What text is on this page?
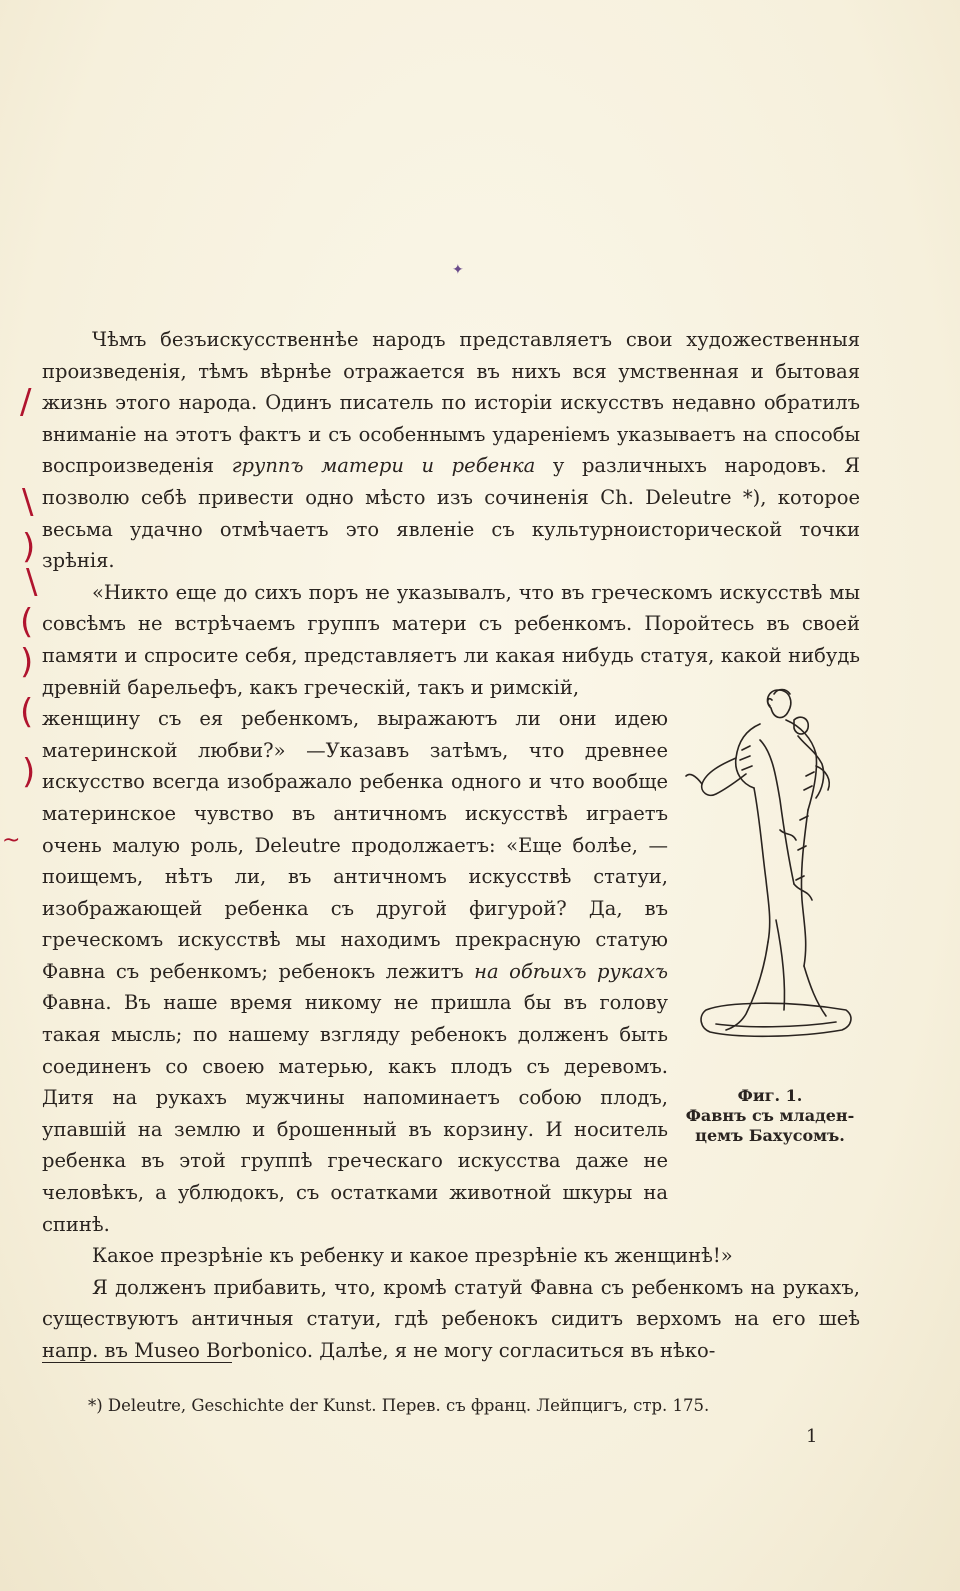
✦
/
\
)
\
(
)
(
)
~

Чѣмъ безъискусственнѣе народъ представляетъ свои художественныя произведенія, тѣмъ вѣрнѣе отражается въ нихъ вся умственная и бытовая жизнь этого народа. Одинъ писатель по исторіи искусствъ недавно обратилъ вниманіе на этотъ фактъ и съ особеннымъ удареніемъ указываетъ на способы воспроизведенія группъ матери и ребенка у различныхъ народовъ. Я позволю себѣ привести одно мѣсто изъ сочиненія Ch. Deleutre *), которое весьма удачно отмѣчаетъ это явленіе съ культурноисторической точки зрѣнія.

«Никто еще до сихъ поръ не указывалъ, что въ греческомъ искусствѣ мы совсѣмъ не встрѣчаемъ группъ матери съ ребенкомъ. Поройтесь въ своей памяти и спросите себя, представляетъ ли какая нибудь статуя, какой нибудь древній барельефъ, какъ греческій, такъ и римскій,

женщину съ ея ребенкомъ, выражаютъ ли они идею материнской любви?» —Указавъ затѣмъ, что древнее искусство всегда изображало ребенка одного и что вообще материнское чувство въ античномъ искусствѣ играетъ очень малую роль, Deleutre продолжаетъ: «Еще болѣе, — поищемъ, нѣтъ ли, въ античномъ искусствѣ статуи, изображающей ребенка съ другой фигурой? Да, въ греческомъ искусствѣ мы находимъ прекрасную статую Фавна съ ребенкомъ; ребенокъ лежитъ на обѣихъ рукахъ Фавна. Въ наше время никому не пришла бы въ голову такая мысль; по нашему взгляду ребенокъ долженъ быть соединенъ со своею матерью, какъ плодъ съ деревомъ. Дитя на рукахъ мужчины напоминаетъ собою плодъ, упавшій на землю и брошенный въ корзину. И носитель ребенка въ этой группѣ греческаго искусства даже не человѣкъ, а ублюдокъ, съ остатками животной шкуры на спинѣ.

Какое презрѣніе къ ребенку и какое презрѣніе къ женщинѣ!»

Я долженъ прибавить, что, кромѣ статуй Фавна съ ребенкомъ на рукахъ, существуютъ античныя статуи, гдѣ ребенокъ сидитъ верхомъ на его шеѣ напр. въ Museo Borbonico. Далѣе, я не могу согласиться въ нѣко-

Фиг. 1.
Фавнъ съ младен-
цемъ Бахусомъ.
*) Deleutre, Geschichte der Kunst. Перев. съ франц. Лейпцигъ, стр. 175.
1
